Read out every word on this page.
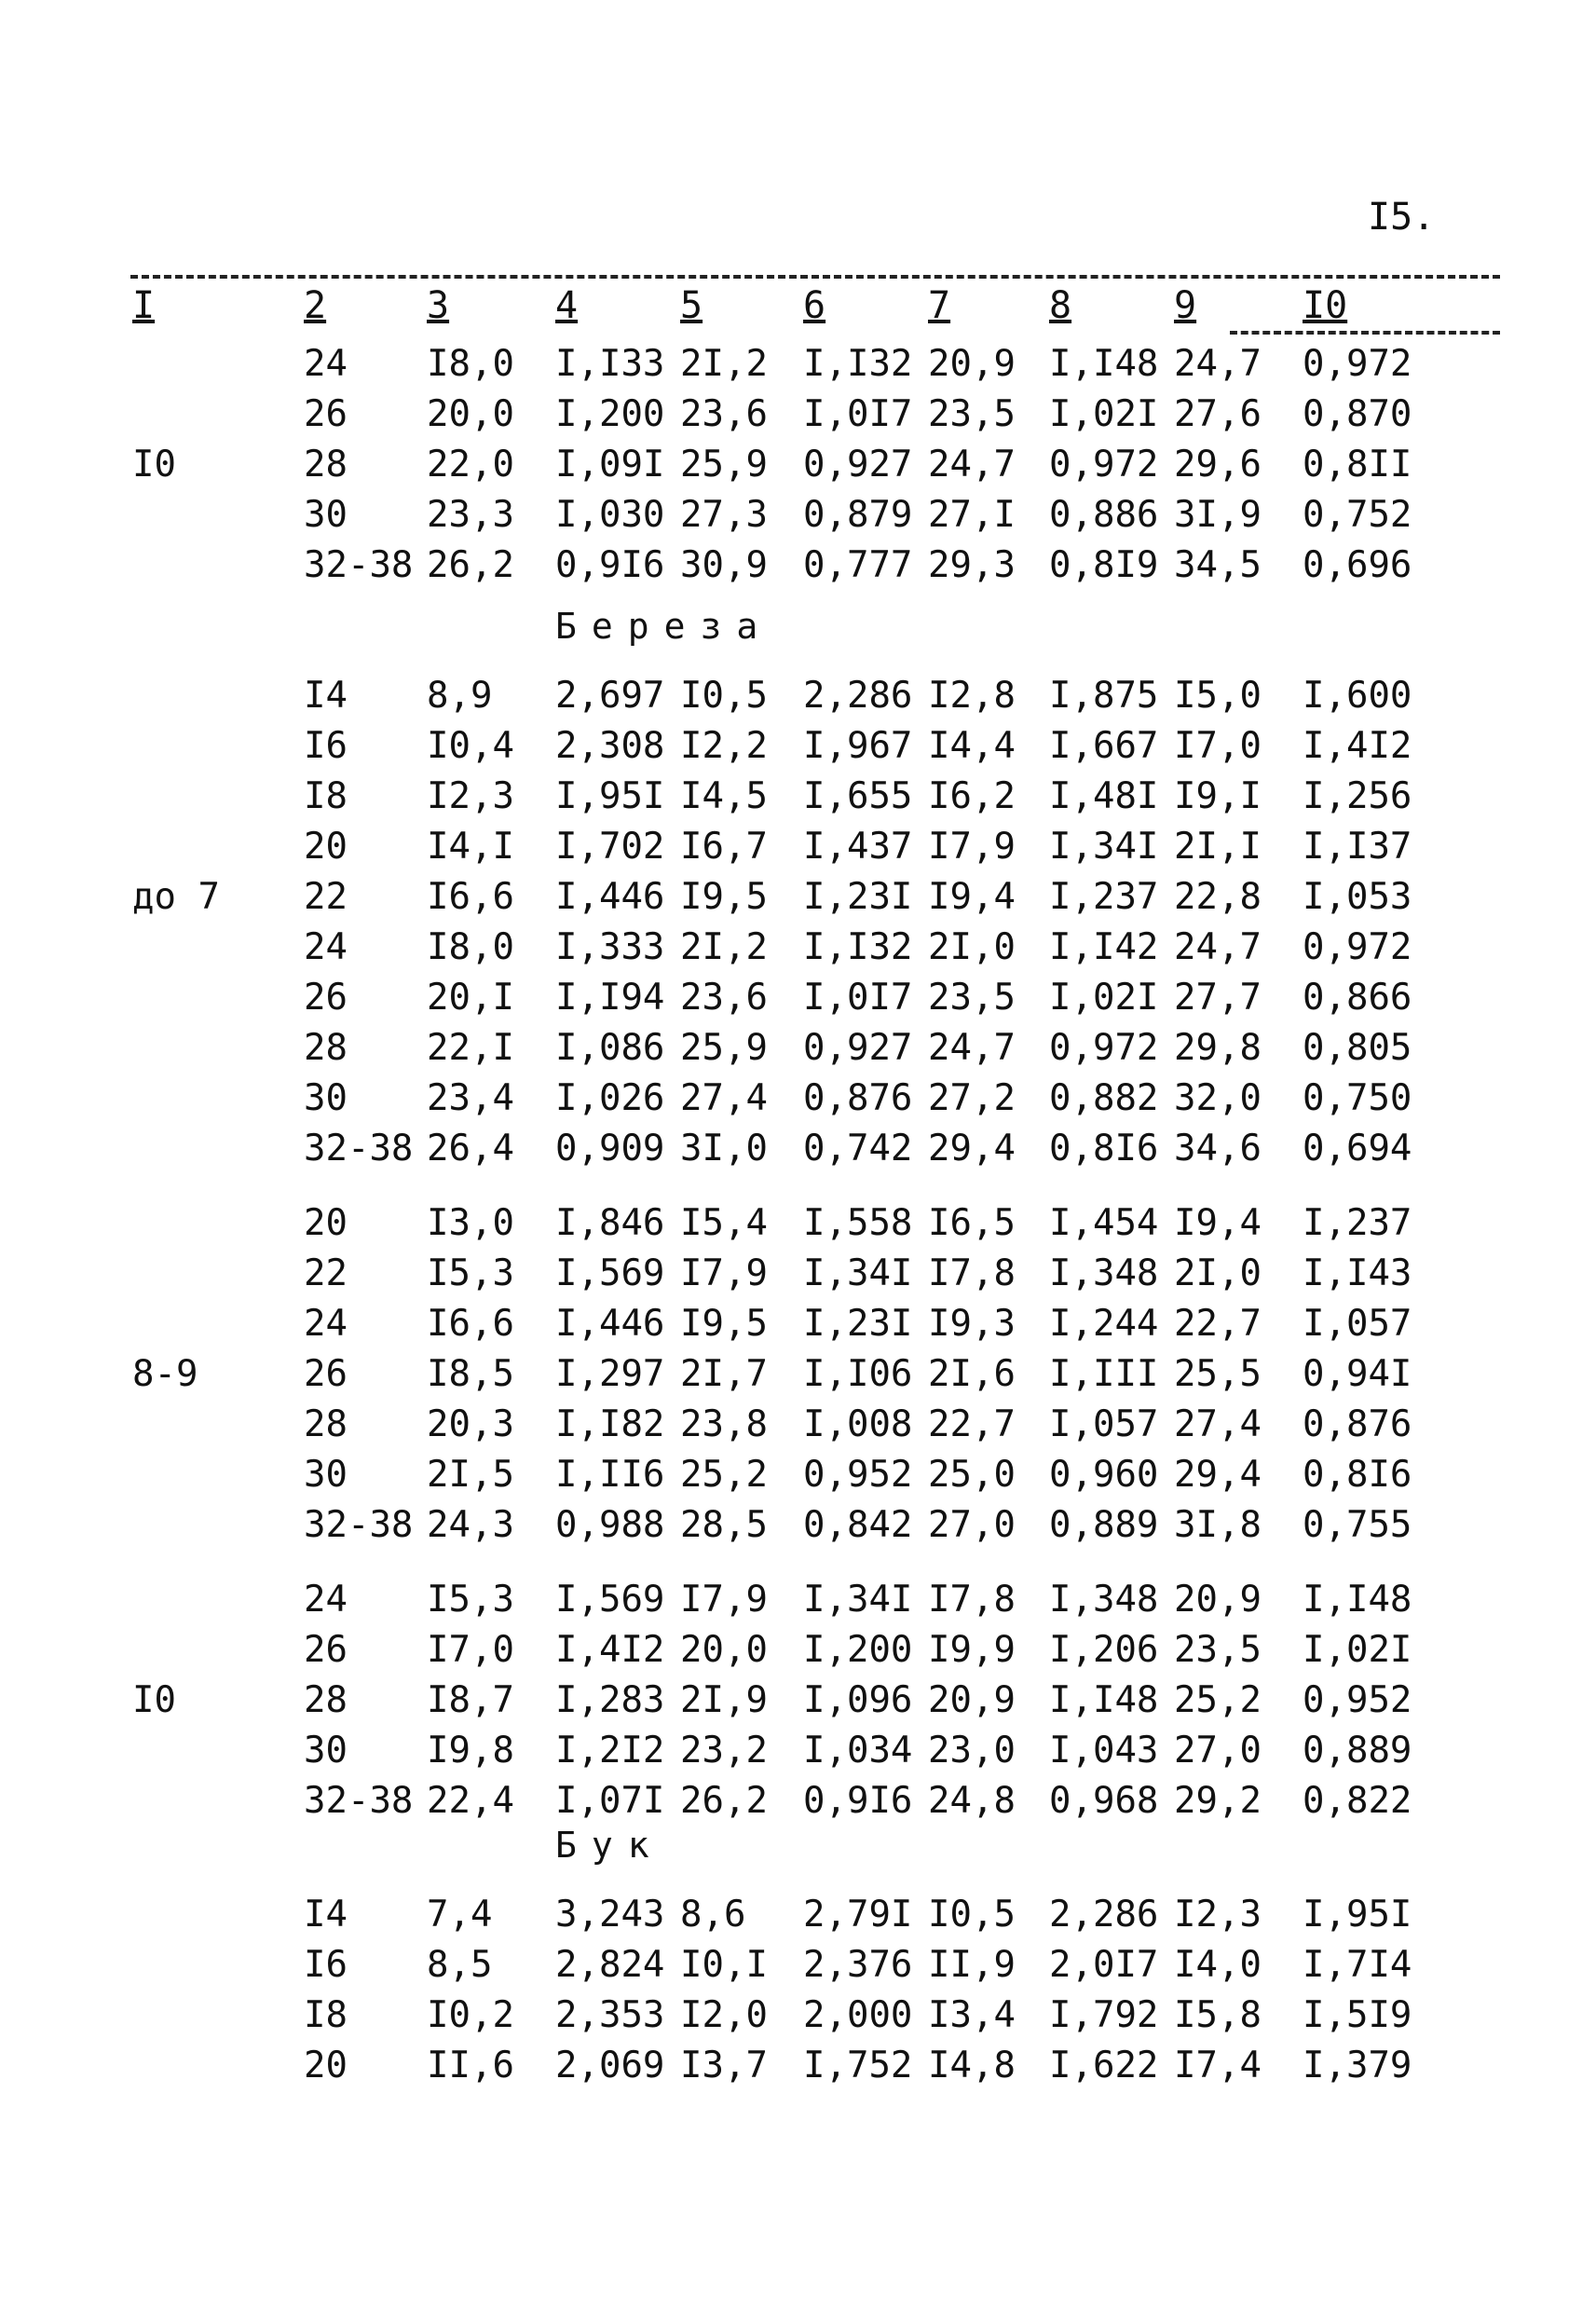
I5.
I	2	3	4	5	6	7	8	9	I0
Береза
Бук
24 I8,0 I,I33 2I,2 I,I32 20,9 I,I48 24,7 0,972
26 20,0 I,200 23,6 I,0I7 23,5 I,02I 27,6 0,870
I0	28 22,0 I,09I 25,9 0,927 24,7 0,972 29,6 0,8II
30 23,3 I,030 27,3 0,879 27,I 0,886 3I,9 0,752
32-38 26,2 0,9I6 30,9 0,777 29,3 0,8I9 34,5 0,696
I4 8,9 2,697 I0,5 2,286 I2,8 I,875 I5,0 I,600
I6 I0,4 2,308 I2,2 I,967 I4,4 I,667 I7,0 I,4I2
I8 I2,3 I,95I I4,5 I,655 I6,2 I,48I I9,I I,256
20 I4,I I,702 I6,7 I,437 I7,9 I,34I 2I,I I,I37
до 7 22 I6,6 I,446 I9,5 I,23I I9,4 I,237 22,8 I,053
24 I8,0 I,333 2I,2 I,I32 2I,0 I,I42 24,7 0,972
26 20,I I,I94 23,6 I,0I7 23,5 I,02I 27,7 0,866
28 22,I I,086 25,9 0,927 24,7 0,972 29,8 0,805
30 23,4 I,026 27,4 0,876 27,2 0,882 32,0 0,750
32-38 26,4 0,909 3I,0 0,742 29,4 0,8I6 34,6 0,694
20 I3,0 I,846 I5,4 I,558 I6,5 I,454 I9,4 I,237
22 I5,3 I,569 I7,9 I,34I I7,8 I,348 2I,0 I,I43
24 I6,6 I,446 I9,5 I,23I I9,3 I,244 22,7 I,057
8-9	26 I8,5 I,297 2I,7 I,I06 2I,6 I,III 25,5 0,94I
28 20,3 I,I82 23,8 I,008 22,7 I,057 27,4 0,876
30 2I,5 I,II6 25,2 0,952 25,0 0,960 29,4 0,8I6
32-38 24,3 0,988 28,5 0,842 27,0 0,889 3I,8 0,755
24 I5,3 I,569 I7,9 I,34I I7,8 I,348 20,9 I,I48
26 I7,0 I,4I2 20,0 I,200 I9,9 I,206 23,5 I,02I
I0	28 I8,7 I,283 2I,9 I,096 20,9 I,I48 25,2 0,952
30 I9,8 I,2I2 23,2 I,034 23,0 I,043 27,0 0,889
32-38 22,4 I,07I 26,2 0,9I6 24,8 0,968 29,2 0,822
I4 7,4 3,243 8,6 2,79I I0,5 2,286 I2,3 I,95I
I6 8,5 2,824 I0,I 2,376 II,9 2,0I7 I4,0 I,7I4
I8 I0,2 2,353 I2,0 2,000 I3,4 I,792 I5,8 I,5I9
20 II,6 2,069 I3,7 I,752 I4,8 I,622 I7,4 I,379
